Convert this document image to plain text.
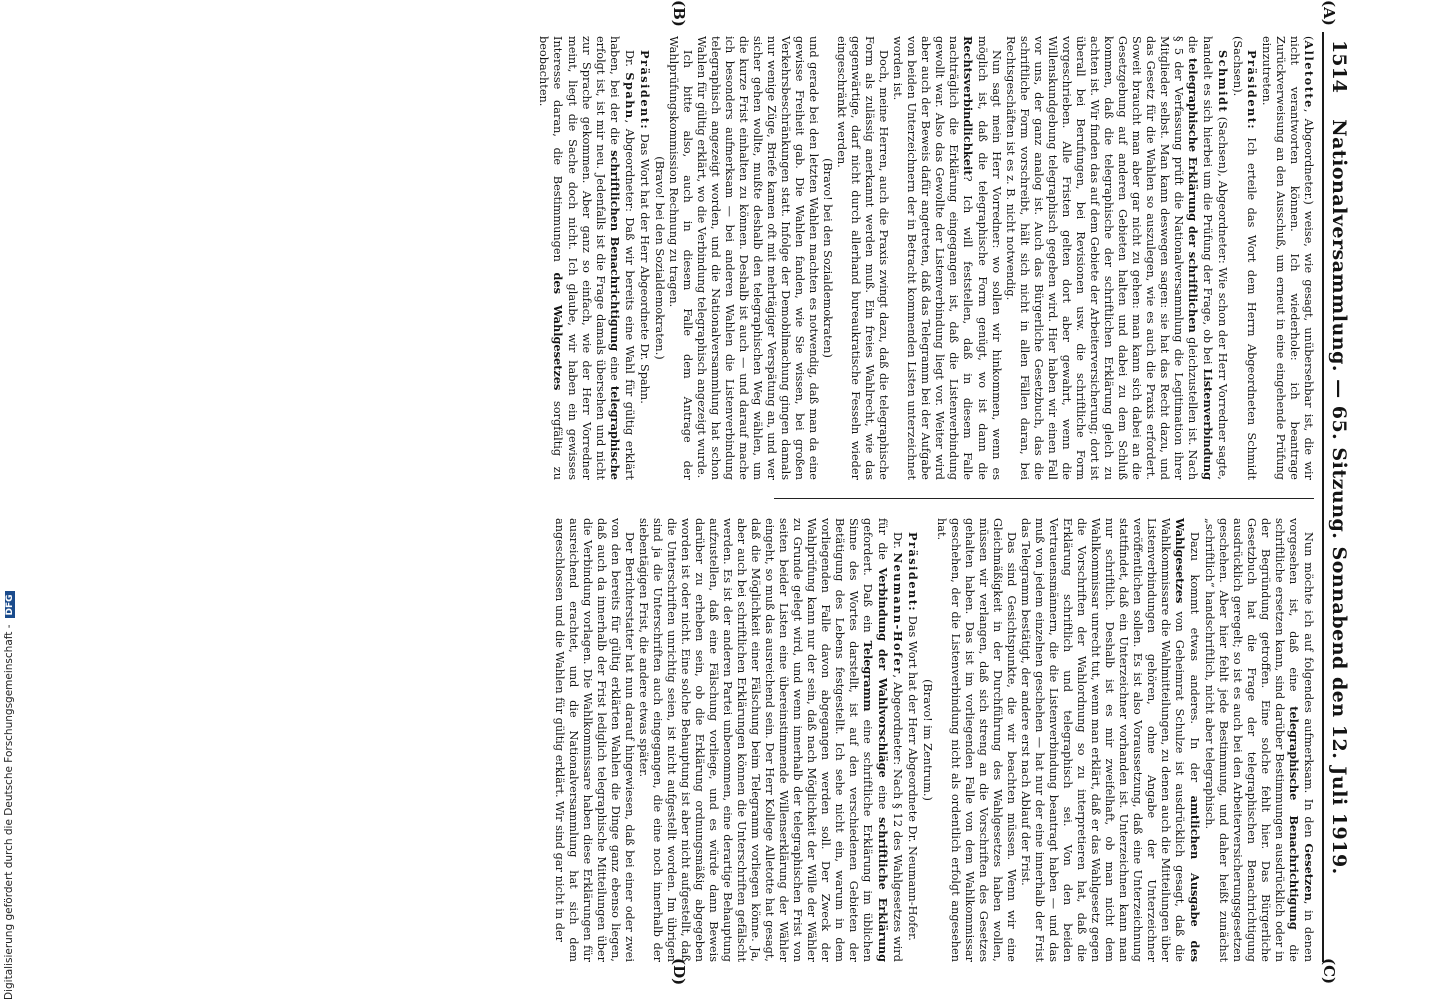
1514
Nationalversammlung. — 65. Sitzung. Sonnabend den 12. Juli 1919.
(A)
(B)
(C)
(D)

(Alletotte, Abgeordneter.) weise, wie gesagt, unübersehbar ist, die wir nicht verantworten können. Ich wiederhole: ich beantrage Zurückverweisung an den Ausschuß, um erneut in eine eingehende Prüfung einzutreten.

Präsident: Ich erteile das Wort dem Herrn Abgeordneten Schmidt (Sachsen).

Schmidt (Sachsen), Abgeordneter: Wie schon der Herr Vorredner sagte, handelt es sich hierbei um die Prüfung der Frage, ob bei Listenverbindung die telegraphische Erklärung der schriftlichen gleichzustellen ist. Nach § 5 der Verfassung prüft die Nationalversammlung die Legitimation ihrer Mitglieder selbst. Man kann deswegen sagen: sie hat das Recht dazu, und das Gesetz für die Wahlen so auszulegen, wie es auch die Praxis erfordert. Soweit braucht man aber gar nicht zu gehen: man kann sich dabei an die Gesetzgebung auf anderen Gebieten halten und dabei zu dem Schluß kommen, daß die telegraphische der schriftlichen Erklärung gleich zu achten ist. Wir finden das auf dem Gebiete der Arbeiterversicherung; dort ist überall bei Berufungen, bei Revisionen usw. die schriftliche Form vorgeschrieben. Alle Fristen gelten dort aber gewahrt, wenn die Willenskundgebung telegraphisch gegeben wird. Hier haben wir einen Fall vor uns, der ganz analog ist. Auch das Bürgerliche Gesetzbuch, das die schriftliche Form vorschreibt, hält sich nicht in allen Fällen daran, bei Rechtsgeschäften ist es z. B. nicht notwendig.

Nun sagt mein Herr Vorredner: wo sollen wir hinkommen, wenn es möglich ist, daß die telegraphische Form genügt, wo ist dann die Rechtsverbindlichkeit? Ich will feststellen, daß in diesem Falle nachträglich die Erklärung eingegangen ist, daß die Listenverbindung gewollt war. Also das Gewollte der Listenverbindung liegt vor. Weiter wird aber auch der Beweis dafür angetreten, daß das Telegramm bei der Aufgabe von beiden Unterzeichnern der in Betracht kommenden Listen unterzeichnet worden ist.

Doch, meine Herren, auch die Praxis zwingt dazu, daß die telegraphische Form als zulässig anerkannt werden muß. Ein freies Wahlrecht, wie das gegenwärtige, darf nicht durch allerhand bureaukratische Fesseln wieder eingeschränkt werden.

(Bravo! bei den Sozialdemokraten)

und gerade bei den letzten Wahlen machten es notwendig, daß man da eine gewisse Freiheit gab. Die Wahlen fanden, wie Sie wissen, bei großen Verkehrsbeschränkungen statt. Infolge der Demobilmachung gingen damals nur wenige Züge, Briefe kamen oft mit mehrtägiger Verspätung an, und wer sicher gehen wollte, mußte deshalb den telegraphischen Weg wählen, um die kurze Frist einhalten zu können. Deshalb ist auch — und darauf mache ich besonders aufmerksam — bei anderen Wahlen die Listenverbindung telegraphisch angezeigt worden, und die Nationalversammlung hat schon Wahlen für gültig erklärt, wo die Verbindung telegraphisch angezeigt wurde.

Ich bitte also, auch in diesem Falle dem Antrage der Wahlprüfungskommission Rechnung zu tragen.

(Bravo! bei den Sozialdemokraten.)

Präsident: Das Wort hat der Herr Abgeordnete Dr. Spahn.

Dr. Spahn, Abgeordneter: Daß wir bereits eine Wahl für gültig erklärt haben, bei der die schriftlichen Benachrichtigung eine telegraphische erfolgt ist, ist mir neu. Jedenfalls ist die Frage damals übersehen und nicht zur Sprache gekommen. Aber ganz so einfach, wie der Herr Vorredner meint, liegt die Sache doch nicht. Ich glaube, wir haben ein gewisses Interesse daran, die Bestimmungen des Wahlgesetzes sorgfältig zu beobachten.

Nun möchte ich auf folgendes aufmerksam. In den Gesetzen, in denen vorgesehen ist, daß eine telegraphische Benachrichtigung die schriftliche ersetzen kann, sind darüber Bestimmungen ausdrücklich oder in der Begründung getroffen. Eine solche fehlt hier. Das Bürgerliche Gesetzbuch hat die Frage der telegraphischen Benachrichtigung ausdrücklich geregelt; so ist es auch bei den Arbeiterversicherungsgesetzen geschehen. Aber hier fehlt jede Bestimmung, und daher heißt zunächst „schriftlich“ handschriftlich, nicht aber telegraphisch.

Dazu kommt etwas anderes. In der amtlichen Ausgabe des Wahlgesetzes von Geheimrat Schulze ist ausdrücklich gesagt, daß die Wahlkommissare die Wahlmitteilungen, zu denen auch die Mitteilungen über Listenverbindungen gehören, ohne Angabe der Unterzeichner veröffentlichen sollen. Es ist also Voraussetzung, daß eine Unterzeichnung stattfindet, daß ein Unterzeichner vorhanden ist. Unterzeichnen kann man nur schriftlich. Deshalb ist es mir zweifelhaft, ob man nicht dem Wahlkommissar unrecht tut, wenn man erklärt, daß er das Wahlgesetz gegen die Vorschriften der Wahlordnung so zu interpretieren hat, daß die Erklärung schriftlich und telegraphisch sei. Von den beiden Vertrauensmännern, die die Listenverbindung beantragt haben — und das muß von jedem einzelnen geschehen — hat nur der eine innerhalb der Frist das Telegramm bestätigt, der andere erst nach Ablauf der Frist.

Das sind Gesichtspunkte, die wir beachten müssen. Wenn wir eine Gleichmäßigkeit in der Durchführung des Wahlgesetzes haben wollen, müssen wir verlangen, daß sich streng an die Vorschriften des Gesetzes gehalten haben. Das ist im vorliegenden Falle von dem Wahlkommissar geschehen, der die Listenverbindung nicht als ordentlich erfolgt angesehen hat.

(Bravo! im Zentrum.)

Präsident: Das Wort hat der Herr Abgeordnete Dr. Neumann-Hofer.

Dr. Neumann-Hofer, Abgeordneter: Nach § 12 des Wahlgesetzes wird für die Verbindung der Wahlvorschläge eine schriftliche Erklärung gefordert. Daß ein Telegramm eine schriftliche Erklärung im üblichen Sinne des Wortes darstellt, ist auf den verschiedenen Gebieten der Betätigung des Lebens festgestellt. Ich sehe nicht ein, warum in dem vorliegenden Falle davon abgegangen werden soll. Der Zweck der Wahlprüfung kann nur der sein, daß nach Möglichkeit der Wille der Wähler zu Grunde gelegt wird, und wenn innerhalb der telegraphischen Frist von seiten beider Listen eine übereinstimmende Willenserklärung der Wähler eingeht, so muß das ausreichend sein. Der Herr Kollege Alletotte hat gesagt, daß die Möglichkeit einer Fälschung beim Telegramm vorliegen könne. Ja, aber auch bei schriftlichen Erklärungen können die Unterschriften gefälscht werden. Es ist der anderen Partei unbenommen, eine derartige Behauptung aufzustellen, daß eine Fälschung vorliege, und es würde dann Beweis darüber zu erheben sein, ob die Erklärung ordnungsmäßig abgegeben worden ist oder nicht. Eine solche Behauptung ist aber nicht aufgestellt, daß die Unterschriften unrichtig seien, ist nicht aufgestellt worden. Im übrigen sind ja die Unterschriften auch eingegangen, die eine noch innerhalb der siebentägigen Frist, die andere etwas später.

Der Berichterstatter hat nun darauf hingewiesen, daß bei einer oder zwei von den bereits für gültig erklärten Wahlen die Dinge ganz ebenso liegen, daß auch da innerhalb der Frist lediglich telegraphische Mitteilungen über die Verbindung vorlagen. Die Wahlkommissare haben diese Erklärungen für ausreichend erachtet, und die Nationalversammlung hat sich dem angeschlossen und die Wahlen für gültig erklärt. Wir sind gar nicht in der

Digitalisierung gefördert durch die Deutsche Forschungsgemeinschaft -DFG
